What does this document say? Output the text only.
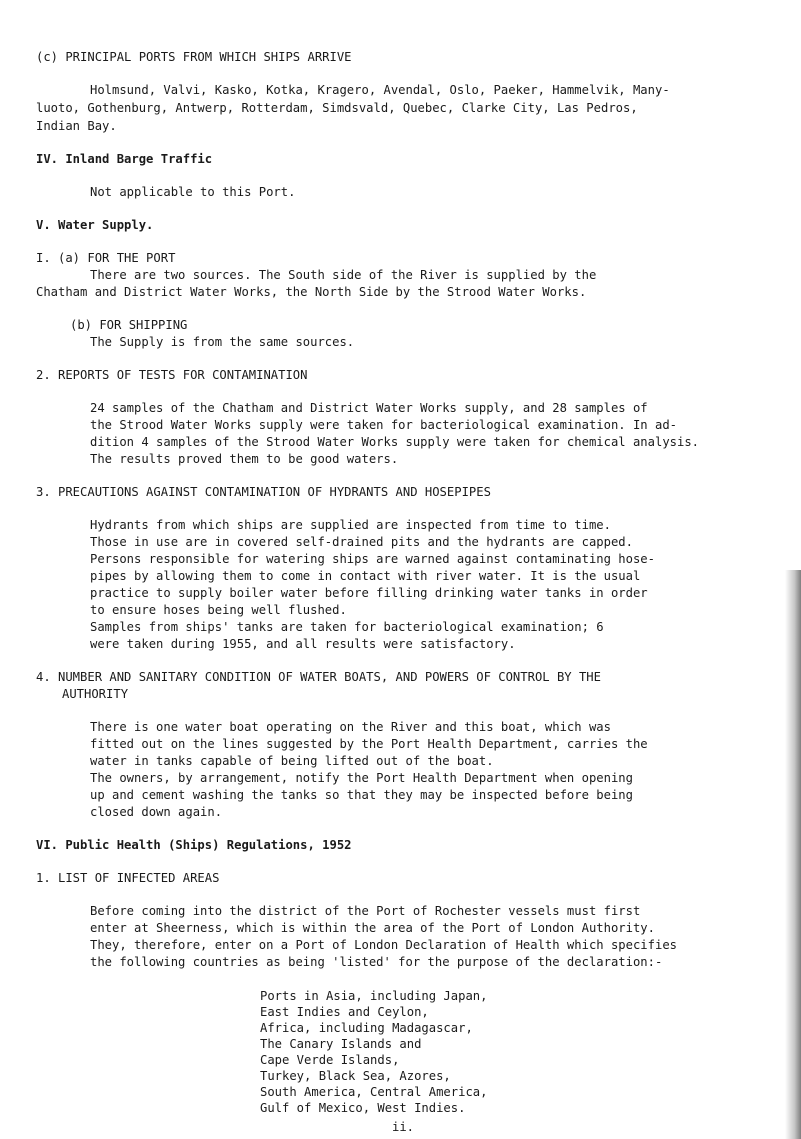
(c) PRINCIPAL PORTS FROM WHICH SHIPS ARRIVE
Holmsund, Valvi, Kasko, Kotka, Kragero, Avendal, Oslo, Paeker, Hammelvik, Many-
luoto, Gothenburg, Antwerp, Rotterdam, Simdsvald, Quebec, Clarke City, Las Pedros,
Indian Bay.
IV. Inland Barge Traffic
Not applicable to this Port.
V. Water Supply.
I. (a) FOR THE PORT
There are two sources. The South side of the River is supplied by the
Chatham and District Water Works, the North Side by the Strood Water Works.
(b) FOR SHIPPING
The Supply is from the same sources.
2. REPORTS OF TESTS FOR CONTAMINATION
24 samples of the Chatham and District Water Works supply, and 28 samples of
the Strood Water Works supply were taken for bacteriological examination. In ad-
dition 4 samples of the Strood Water Works supply were taken for chemical analysis.
The results proved them to be good waters.
3. PRECAUTIONS AGAINST CONTAMINATION OF HYDRANTS AND HOSEPIPES
Hydrants from which ships are supplied are inspected from time to time.
Those in use are in covered self-drained pits and the hydrants are capped.
Persons responsible for watering ships are warned against contaminating hose-
pipes by allowing them to come in contact with river water. It is the usual
practice to supply boiler water before filling drinking water tanks in order
to ensure hoses being well flushed.
Samples from ships' tanks are taken for bacteriological examination; 6
were taken during 1955, and all results were satisfactory.
4. NUMBER AND SANITARY CONDITION OF WATER BOATS, AND POWERS OF CONTROL BY THE
AUTHORITY
There is one water boat operating on the River and this boat, which was
fitted out on the lines suggested by the Port Health Department, carries the
water in tanks capable of being lifted out of the boat.
The owners, by arrangement, notify the Port Health Department when opening
up and cement washing the tanks so that they may be inspected before being
closed down again.
VI. Public Health (Ships) Regulations, 1952
1. LIST OF INFECTED AREAS
Before coming into the district of the Port of Rochester vessels must first
enter at Sheerness, which is within the area of the Port of London Authority.
They, therefore, enter on a Port of London Declaration of Health which specifies
the following countries as being 'listed' for the purpose of the declaration:-
Ports in Asia, including Japan,
East Indies and Ceylon,
Africa, including Madagascar,
The Canary Islands and
Cape Verde Islands,
Turkey, Black Sea, Azores,
South America, Central America,
Gulf of Mexico, West Indies.
ii.
